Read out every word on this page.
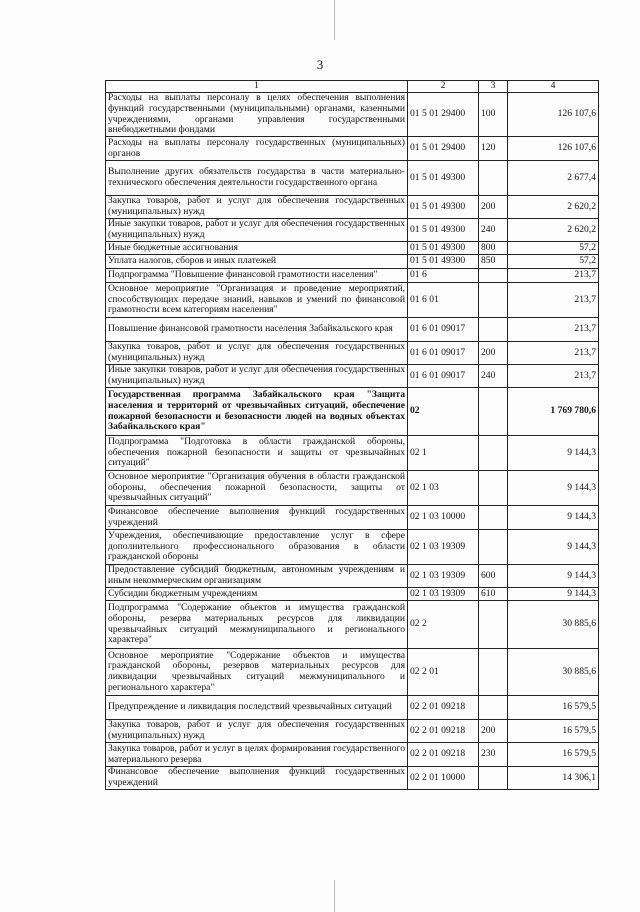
3
1	2	3	4
Расходы на выплаты персоналу в целях обеспечения выполнения функций государственными (муниципальными) органами, казенными учреждениями, органами управления государственными внебюджетными фондами	01 5 01 29400	100	126 107,6
Расходы на выплаты персоналу государственных (муниципальных) органов	01 5 01 29400	120	126 107,6
Выполнение других обязательств государства в части материально-технического обеспечения деятельности государственного органа	01 5 01 49300		2 677,4
Закупка товаров, работ и услуг для обеспечения государственных (муниципальных) нужд	01 5 01 49300	200	2 620,2
Иные закупки товаров, работ и услуг для обеспечения государственных (муниципальных) нужд	01 5 01 49300	240	2 620,2
Иные бюджетные ассигнования	01 5 01 49300	800	57,2
Уплата налогов, сборов и иных платежей	01 5 01 49300	850	57,2
Подпрограмма "Повышение финансовой грамотности населения"	01 6		213,7
Основное мероприятие "Организация и проведение мероприятий, способствующих передаче знаний, навыков и умений по финансовой грамотности всем категориям населения"	01 6 01		213,7
Повышение финансовой грамотности населения Забайкальского края	01 6 01 09017		213,7
Закупка товаров, работ и услуг для обеспечения государственных (муниципальных) нужд	01 6 01 09017	200	213,7
Иные закупки товаров, работ и услуг для обеспечения государственных (муниципальных) нужд	01 6 01 09017	240	213,7
Государственная программа Забайкальского края "Защита населения и территорий от чрезвычайных ситуаций, обеспечение пожарной безопасности и безопасности людей на водных объектах Забайкальского края"	02		1 769 780,6
Подпрограмма "Подготовка в области гражданской обороны, обеспечения пожарной безопасности и защиты от чрезвычайных ситуаций"	02 1		9 144,3
Основное мероприятие "Организация обучения в области гражданской обороны, обеспечения пожарной безопасности, защиты от чрезвычайных ситуаций"	02 1 03		9 144,3
Финансовое обеспечение выполнения функций государственных учреждений	02 1 03 10000		9 144,3
Учреждения, обеспечивающие предоставление услуг в сфере дополнительного профессионального образования в области гражданской обороны	02 1 03 19309		9 144,3
Предоставление субсидий бюджетным, автономным учреждениям и иным некоммерческим организациям	02 1 03 19309	600	9 144,3
Субсидии бюджетным учреждениям	02 1 03 19309	610	9 144,3
Подпрограмма "Содержание объектов и имущества гражданской обороны, резерва материальных ресурсов для ликвидации чрезвычайных ситуаций межмуниципального и регионального характера"	02 2		30 885,6
Основное мероприятие "Содержание объектов и имущества гражданской обороны, резервов материальных ресурсов для ликвидации чрезвычайных ситуаций межмуниципального и регионального характера"	02 2 01		30 885,6
Предупреждение и ликвидация последствий чрезвычайных ситуаций	02 2 01 09218		16 579,5
Закупка товаров, работ и услуг для обеспечения государственных (муниципальных) нужд	02 2 01 09218	200	16 579,5
Закупка товаров, работ и услуг в целях формирования государственного материального резерва	02 2 01 09218	230	16 579,5
Финансовое обеспечение выполнения функций государственных учреждений	02 2 01 10000		14 306,1
